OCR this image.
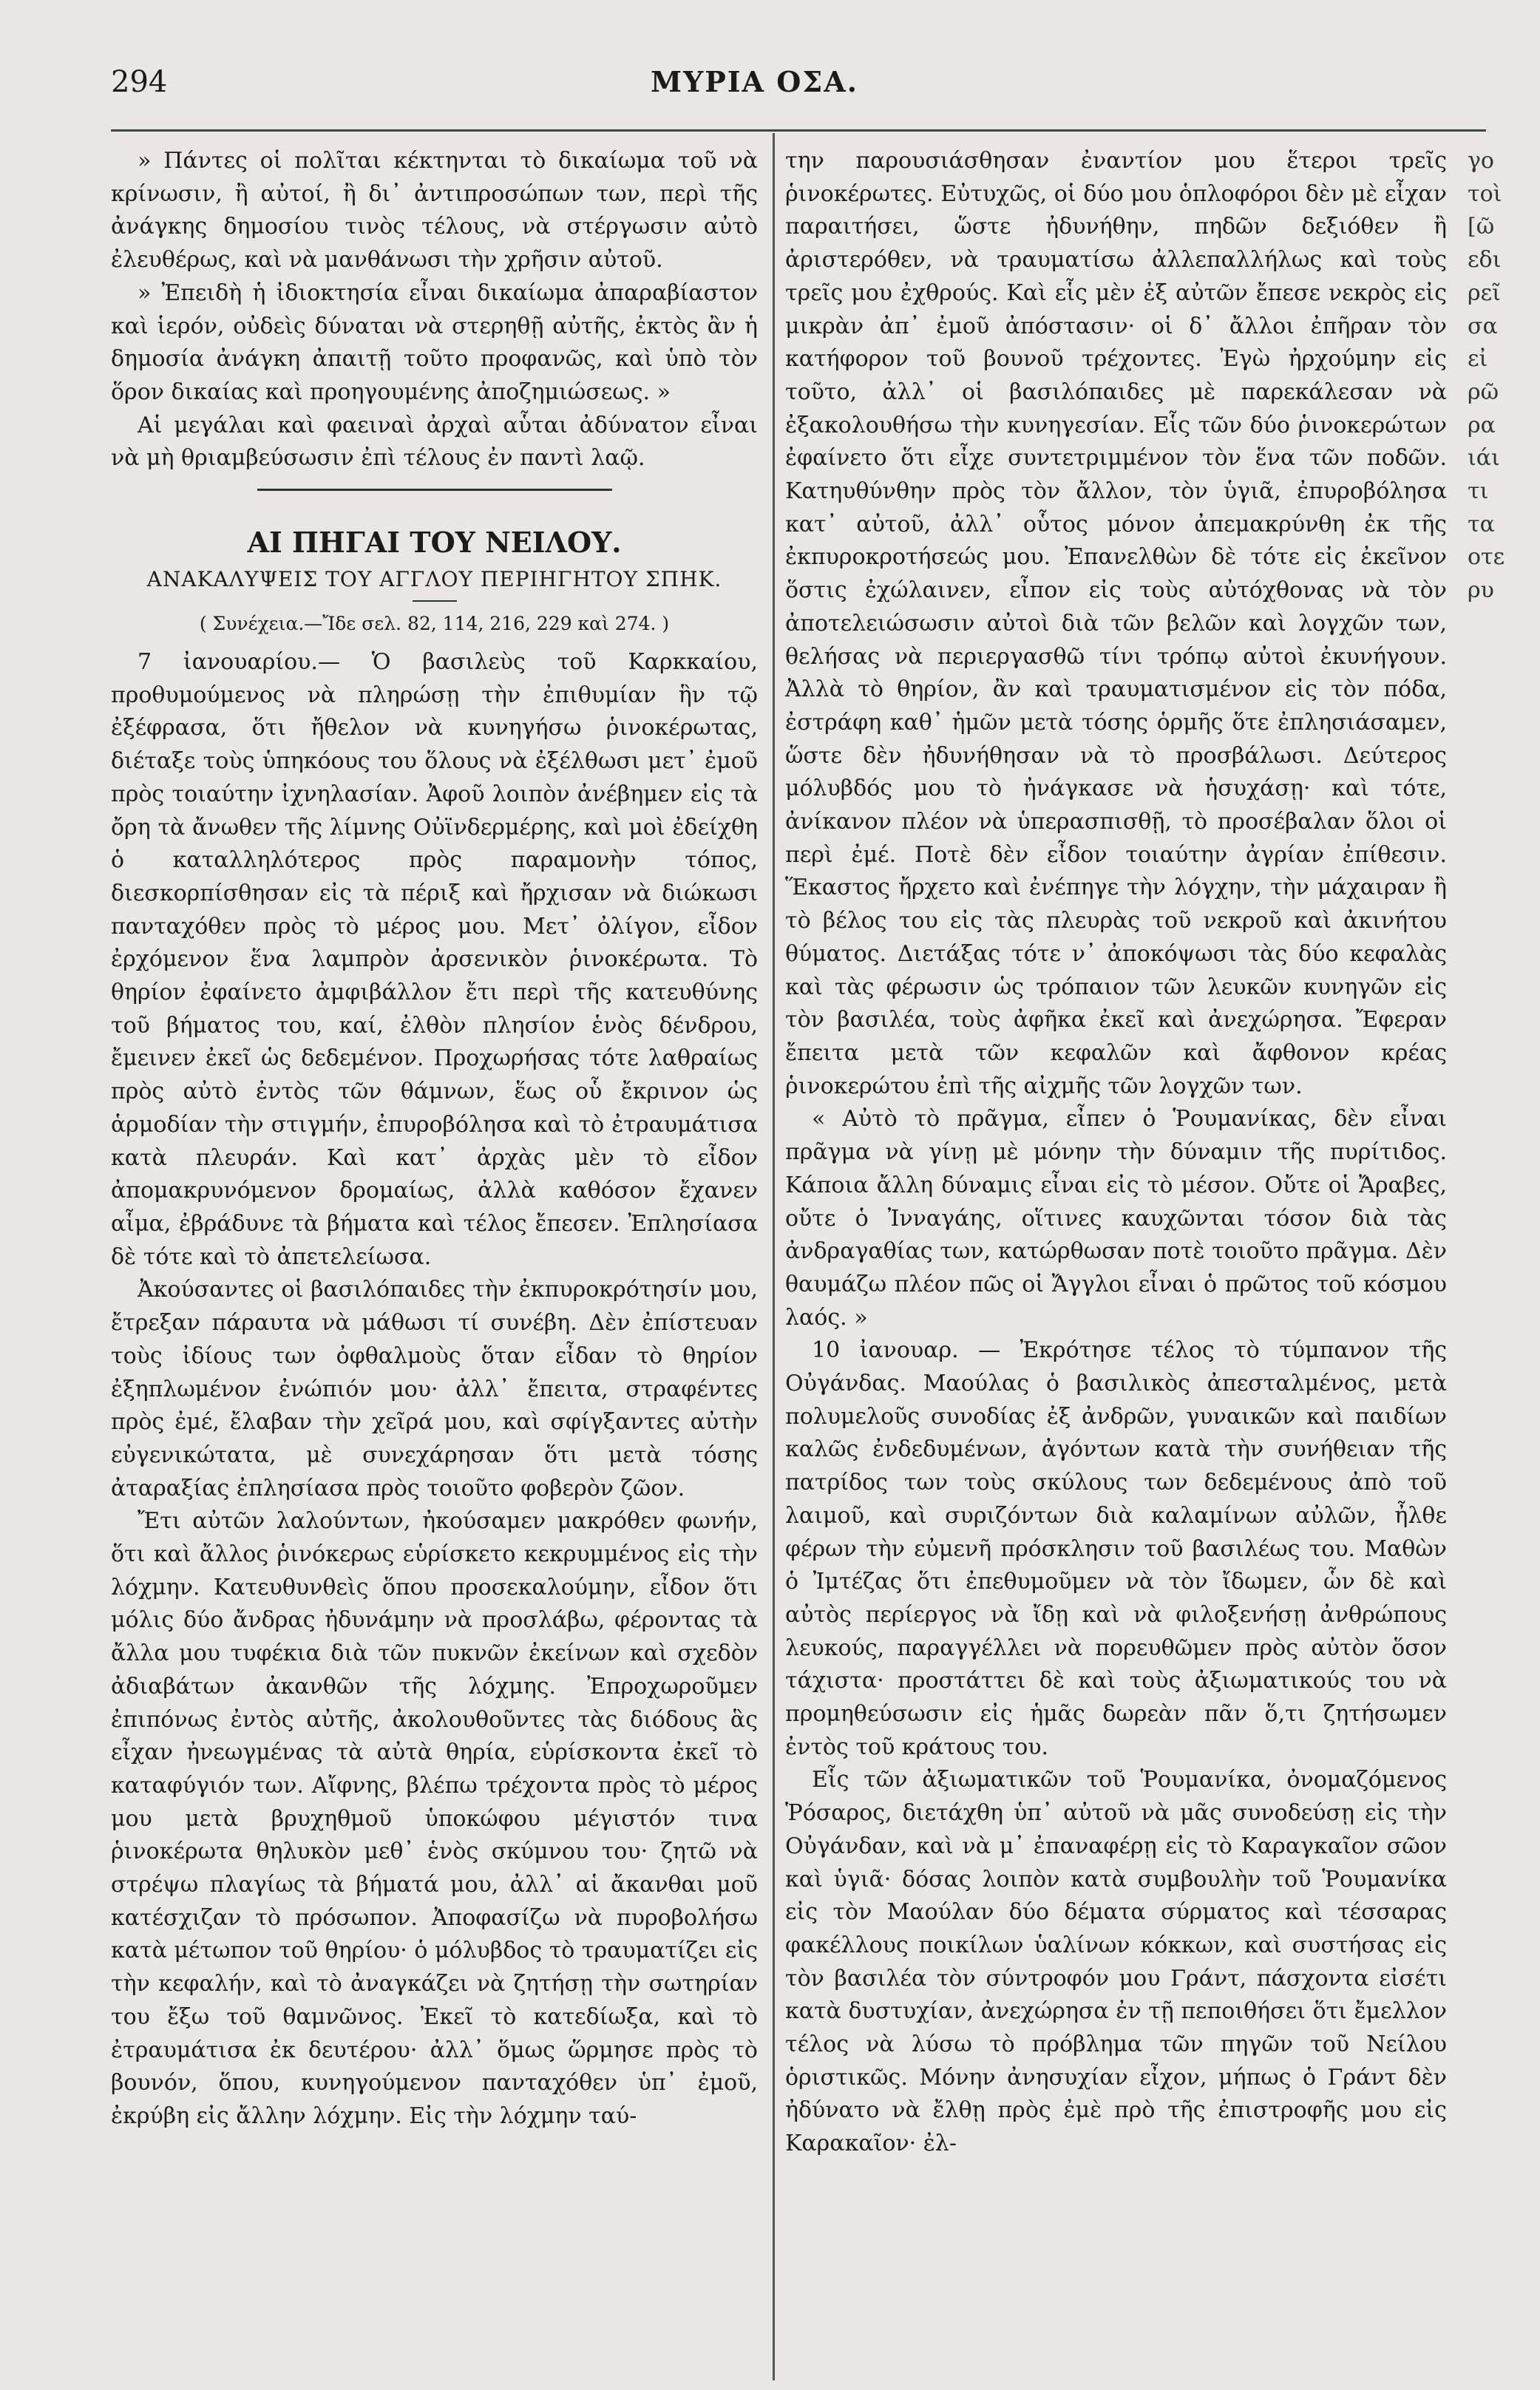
294	ΜΥΡΙΑ ΟΣΑ.

» Πάντες οἱ πολῖται κέκτηνται τὸ δικαίωμα τοῦ νὰ κρίνωσιν, ἢ αὐτοί, ἢ δι᾽ ἀντιπροσώπων των, περὶ τῆς ἀνάγκης δημοσίου τινὸς τέλους, νὰ στέργωσιν αὐτὸ ἐλευθέρως, καὶ νὰ μανθάνωσι τὴν χρῆσιν αὐτοῦ.

» Ἐπειδὴ ἡ ἰδιοκτησία εἶναι δικαίωμα ἀπαραβίαστον καὶ ἱερόν, οὐδεὶς δύναται νὰ στερηθῇ αὐτῆς, ἐκτὸς ἂν ἡ δημοσία ἀνάγκη ἀπαιτῇ τοῦτο προφανῶς, καὶ ὑπὸ τὸν ὅρον δικαίας καὶ προηγουμένης ἀποζημιώσεως. »

Αἱ μεγάλαι καὶ φαειναὶ ἀρχαὶ αὗται ἀδύνατον εἶναι νὰ μὴ θριαμβεύσωσιν ἐπὶ τέλους ἐν παντὶ λαῷ.

ΑΙ ΠΗΓΑΙ ΤΟΥ ΝΕΙΛΟΥ.
ΑΝΑΚΑΛΥΨΕΙΣ ΤΟΥ ΑΓΓΛΟΥ ΠΕΡΙΗΓΗΤΟΥ ΣΠΗΚ.
( Συνέχεια.—Ἴδε σελ. 82, 114, 216, 229 καὶ 274. )

7 ἰανουαρίου.— Ὁ βασιλεὺς τοῦ Καρκκαίου, προθυμούμενος νὰ πληρώσῃ τὴν ἐπιθυμίαν ἣν τῷ ἐξέφρασα, ὅτι ἤθελον νὰ κυνηγήσω ῥινοκέρωτας, διέταξε τοὺς ὑπηκόους του ὅλους νὰ ἐξέλθωσι μετ᾽ ἐμοῦ πρὸς τοιαύτην ἰχνηλασίαν. Ἀφοῦ λοιπὸν ἀνέβημεν εἰς τὰ ὄρη τὰ ἄνωθεν τῆς λίμνης Οὐϊνδερμέρης, καὶ μοὶ ἐδείχθη ὁ καταλληλότερος πρὸς παραμονὴν τόπος, διεσκορπίσθησαν εἰς τὰ πέριξ καὶ ἤρχισαν νὰ διώκωσι πανταχόθεν πρὸς τὸ μέρος μου. Μετ᾽ ὀλίγον, εἶδον ἐρχόμενον ἕνα λαμπρὸν ἀρσενικὸν ῥινοκέρωτα. Τὸ θηρίον ἐφαίνετο ἀμφιβάλλον ἔτι περὶ τῆς κατευθύνης τοῦ βήματος του, καί, ἐλθὸν πλησίον ἑνὸς δένδρου, ἔμεινεν ἐκεῖ ὡς δεδεμένον. Προχωρήσας τότε λαθραίως πρὸς αὐτὸ ἐντὸς τῶν θάμνων, ἕως οὗ ἔκρινον ὡς ἁρμοδίαν τὴν στιγμήν, ἐπυροβόλησα καὶ τὸ ἐτραυμάτισα κατὰ πλευράν. Καὶ κατ᾽ ἀρχὰς μὲν τὸ εἶδον ἀπομακρυνόμενον δρομαίως, ἀλλὰ καθόσον ἔχανεν αἷμα, ἐβράδυνε τὰ βήματα καὶ τέλος ἔπεσεν. Ἐπλησίασα δὲ τότε καὶ τὸ ἀπετελείωσα.

Ἀκούσαντες οἱ βασιλόπαιδες τὴν ἐκπυροκρότησίν μου, ἔτρεξαν πάραυτα νὰ μάθωσι τί συνέβη. Δὲν ἐπίστευαν τοὺς ἰδίους των ὀφθαλμοὺς ὅταν εἶδαν τὸ θηρίον ἐξηπλωμένον ἐνώπιόν μου· ἀλλ᾽ ἔπειτα, στραφέντες πρὸς ἐμέ, ἔλαβαν τὴν χεῖρά μου, καὶ σφίγξαντες αὐτὴν εὐγενικώτατα, μὲ συνεχάρησαν ὅτι μετὰ τόσης ἀταραξίας ἐπλησίασα πρὸς τοιοῦτο φοβερὸν ζῶον.

Ἔτι αὐτῶν λαλούντων, ἠκούσαμεν μακρόθεν φωνήν, ὅτι καὶ ἄλλος ῥινόκερως εὑρίσκετο κεκρυμμένος εἰς τὴν λόχμην. Κατευθυνθεὶς ὅπου προσεκαλούμην, εἶδον ὅτι μόλις δύο ἄνδρας ἠδυνάμην νὰ προσλάβω, φέροντας τὰ ἄλλα μου τυφέκια διὰ τῶν πυκνῶν ἐκείνων καὶ σχεδὸν ἀδιαβάτων ἀκανθῶν τῆς λόχμης. Ἐπροχωροῦμεν ἐπιπόνως ἐντὸς αὐτῆς, ἀκολουθοῦντες τὰς διόδους ἃς εἶχαν ἠνεωγμένας τὰ αὐτὰ θηρία, εὑρίσκοντα ἐκεῖ τὸ καταφύγιόν των. Αἴφνης, βλέπω τρέχοντα πρὸς τὸ μέρος μου μετὰ βρυχηθμοῦ ὑποκώφου μέγιστόν τινα ῥινοκέρωτα θηλυκὸν μεθ᾽ ἑνὸς σκύμνου του· ζητῶ νὰ στρέψω πλαγίως τὰ βήματά μου, ἀλλ᾽ αἱ ἄκανθαι μοῦ κατέσχιζαν τὸ πρόσωπον. Ἀποφασίζω νὰ πυροβολήσω κατὰ μέτωπον τοῦ θηρίου· ὁ μόλυβδος τὸ τραυματίζει εἰς τὴν κεφαλήν, καὶ τὸ ἀναγκάζει νὰ ζητήσῃ τὴν σωτηρίαν του ἔξω τοῦ θαμνῶνος. Ἐκεῖ τὸ κατεδίωξα, καὶ τὸ ἐτραυμάτισα ἐκ δευτέρου· ἀλλ᾽ ὅμως ὥρμησε πρὸς τὸ βουνόν, ὅπου, κυνηγούμενον πανταχόθεν ὑπ᾽ ἐμοῦ, ἐκρύβη εἰς ἄλλην λόχμην. Εἰς τὴν λόχμην ταύ-

την παρουσιάσθησαν ἐναντίον μου ἕτεροι τρεῖς ῥινοκέρωτες. Εὐτυχῶς, οἱ δύο μου ὁπλοφόροι δὲν μὲ εἶχαν παραιτήσει, ὥστε ἠδυνήθην, πηδῶν δεξιόθεν ἢ ἀριστερόθεν, νὰ τραυματίσω ἀλλεπαλλήλως καὶ τοὺς τρεῖς μου ἐχθρούς. Καὶ εἷς μὲν ἐξ αὐτῶν ἔπεσε νεκρὸς εἰς μικρὰν ἀπ᾽ ἐμοῦ ἀπόστασιν· οἱ δ᾽ ἄλλοι ἐπῆραν τὸν κατήφορον τοῦ βουνοῦ τρέχοντες. Ἐγὼ ἠρχούμην εἰς τοῦτο, ἀλλ᾽ οἱ βασιλόπαιδες μὲ παρεκάλεσαν νὰ ἐξακολουθήσω τὴν κυνηγεσίαν. Εἷς τῶν δύο ῥινοκερώτων ἐφαίνετο ὅτι εἶχε συντετριμμένον τὸν ἕνα τῶν ποδῶν. Κατηυθύνθην πρὸς τὸν ἄλλον, τὸν ὑγιᾶ, ἐπυροβόλησα κατ᾽ αὐτοῦ, ἀλλ᾽ οὗτος μόνον ἀπεμακρύνθη ἐκ τῆς ἐκπυροκροτήσεώς μου. Ἐπανελθὼν δὲ τότε εἰς ἐκεῖνον ὅστις ἐχώλαινεν, εἶπον εἰς τοὺς αὐτόχθονας νὰ τὸν ἀποτελειώσωσιν αὐτοὶ διὰ τῶν βελῶν καὶ λογχῶν των, θελήσας νὰ περιεργασθῶ τίνι τρόπῳ αὐτοὶ ἐκυνήγουν. Ἀλλὰ τὸ θηρίον, ἂν καὶ τραυματισμένον εἰς τὸν πόδα, ἐστράφη καθ᾽ ἡμῶν μετὰ τόσης ὁρμῆς ὅτε ἐπλησιάσαμεν, ὥστε δὲν ἠδυνήθησαν νὰ τὸ προσβάλωσι. Δεύτερος μόλυβδός μου τὸ ἠνάγκασε νὰ ἡσυχάσῃ· καὶ τότε, ἀνίκανον πλέον νὰ ὑπερασπισθῇ, τὸ προσέβαλαν ὅλοι οἱ περὶ ἐμέ. Ποτὲ δὲν εἶδον τοιαύτην ἀγρίαν ἐπίθεσιν. Ἕκαστος ἤρχετο καὶ ἐνέπηγε τὴν λόγχην, τὴν μάχαιραν ἢ τὸ βέλος του εἰς τὰς πλευρὰς τοῦ νεκροῦ καὶ ἀκινήτου θύματος. Διετάξας τότε ν᾽ ἀποκόψωσι τὰς δύο κεφαλὰς καὶ τὰς φέρωσιν ὡς τρόπαιον τῶν λευκῶν κυνηγῶν εἰς τὸν βασιλέα, τοὺς ἀφῆκα ἐκεῖ καὶ ἀνεχώρησα. Ἔφεραν ἔπειτα μετὰ τῶν κεφαλῶν καὶ ἄφθονον κρέας ῥινοκερώτου ἐπὶ τῆς αἰχμῆς τῶν λογχῶν των.

« Αὐτὸ τὸ πρᾶγμα, εἶπεν ὁ Ῥουμανίκας, δὲν εἶναι πρᾶγμα νὰ γίνῃ μὲ μόνην τὴν δύναμιν τῆς πυρίτιδος. Κάποια ἄλλη δύναμις εἶναι εἰς τὸ μέσον. Οὔτε οἱ Ἄραβες, οὔτε ὁ Ἰνναγάης, οἵτινες καυχῶνται τόσον διὰ τὰς ἀνδραγαθίας των, κατώρθωσαν ποτὲ τοιοῦτο πρᾶγμα. Δὲν θαυμάζω πλέον πῶς οἱ Ἄγγλοι εἶναι ὁ πρῶτος τοῦ κόσμου λαός. »

10 ἰανουαρ. — Ἐκρότησε τέλος τὸ τύμπανον τῆς Οὐγάνδας. Μαούλας ὁ βασιλικὸς ἀπεσταλμένος, μετὰ πολυμελοῦς συνοδίας ἐξ ἀνδρῶν, γυναικῶν καὶ παιδίων καλῶς ἐνδεδυμένων, ἀγόντων κατὰ τὴν συνήθειαν τῆς πατρίδος των τοὺς σκύλους των δεδεμένους ἀπὸ τοῦ λαιμοῦ, καὶ συριζόντων διὰ καλαμίνων αὐλῶν, ἦλθε φέρων τὴν εὐμενῆ πρόσκλησιν τοῦ βασιλέως του. Μαθὼν ὁ Ἰμτέζας ὅτι ἐπεθυμοῦμεν νὰ τὸν ἴδωμεν, ὧν δὲ καὶ αὐτὸς περίεργος νὰ ἴδῃ καὶ νὰ φιλοξενήσῃ ἀνθρώπους λευκούς, παραγγέλλει νὰ πορευθῶμεν πρὸς αὐτὸν ὅσον τάχιστα· προστάττει δὲ καὶ τοὺς ἀξιωματικούς του νὰ προμηθεύσωσιν εἰς ἡμᾶς δωρεὰν πᾶν ὅ,τι ζητήσωμεν ἐντὸς τοῦ κράτους του.

Εἷς τῶν ἀξιωματικῶν τοῦ Ῥουμανίκα, ὀνομαζόμενος Ῥόσαρος, διετάχθη ὑπ᾽ αὐτοῦ νὰ μᾶς συνοδεύσῃ εἰς τὴν Οὐγάνδαν, καὶ νὰ μ᾽ ἐπαναφέρῃ εἰς τὸ Καραγκαῖον σῶον καὶ ὑγιᾶ· δόσας λοιπὸν κατὰ συμβουλὴν τοῦ Ῥουμανίκα εἰς τὸν Μαούλαν δύο δέματα σύρματος καὶ τέσσαρας φακέλλους ποικίλων ὑαλίνων κόκκων, καὶ συστήσας εἰς τὸν βασιλέα τὸν σύντροφόν μου Γράντ, πάσχοντα εἰσέτι κατὰ δυστυχίαν, ἀνεχώρησα ἐν τῇ πεποιθήσει ὅτι ἔμελλον τέλος νὰ λύσω τὸ πρόβλημα τῶν πηγῶν τοῦ Νείλου ὁριστικῶς. Μόνην ἀνησυχίαν εἶχον, μήπως ὁ Γράντ δὲν ἠδύνατο νὰ ἔλθῃ πρὸς ἐμὲ πρὸ τῆς ἐπιστροφῆς μου εἰς Καρακαῖον· ἐλ-

γο
τοὶ
[ῶ
εδι
ρεῖ
σα
εἰ
ρῶ
ρα
ιάι
τι
τα
οτε
ρυ
